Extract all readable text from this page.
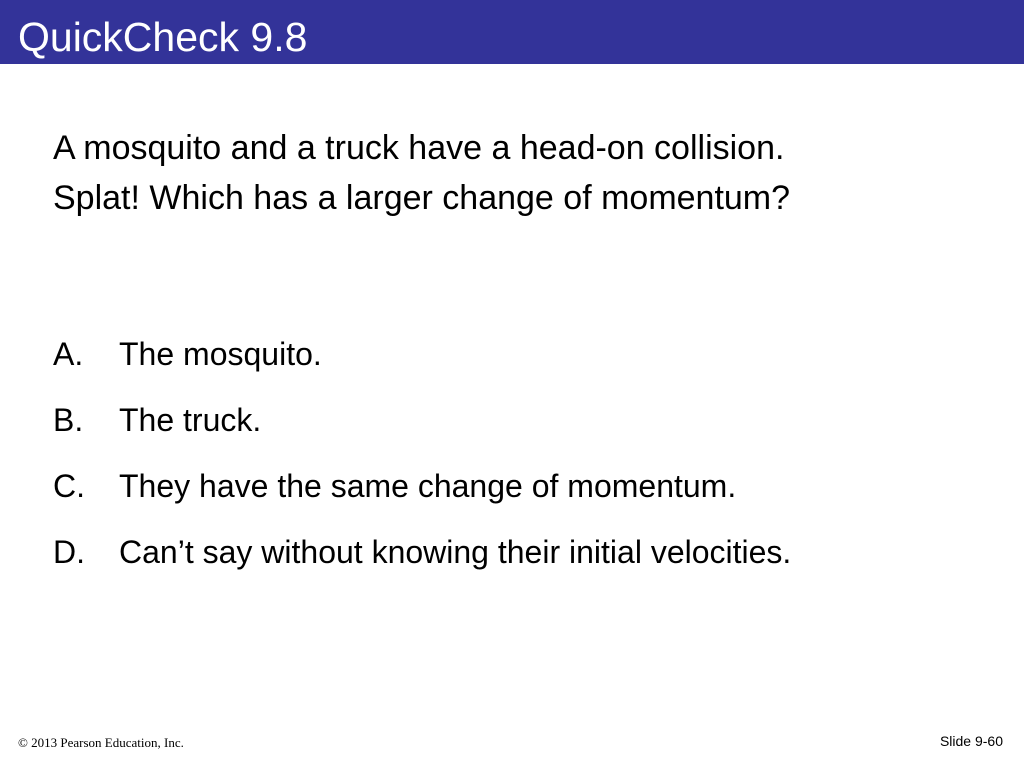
QuickCheck 9.8
A mosquito and a truck have a head-on collision.
Splat! Which has a larger change of momentum?
A. The mosquito.
B. The truck.
C. They have the same change of momentum.
D. Can’t say without knowing their initial velocities.
© 2013 Pearson Education, Inc.	Slide 9-60
